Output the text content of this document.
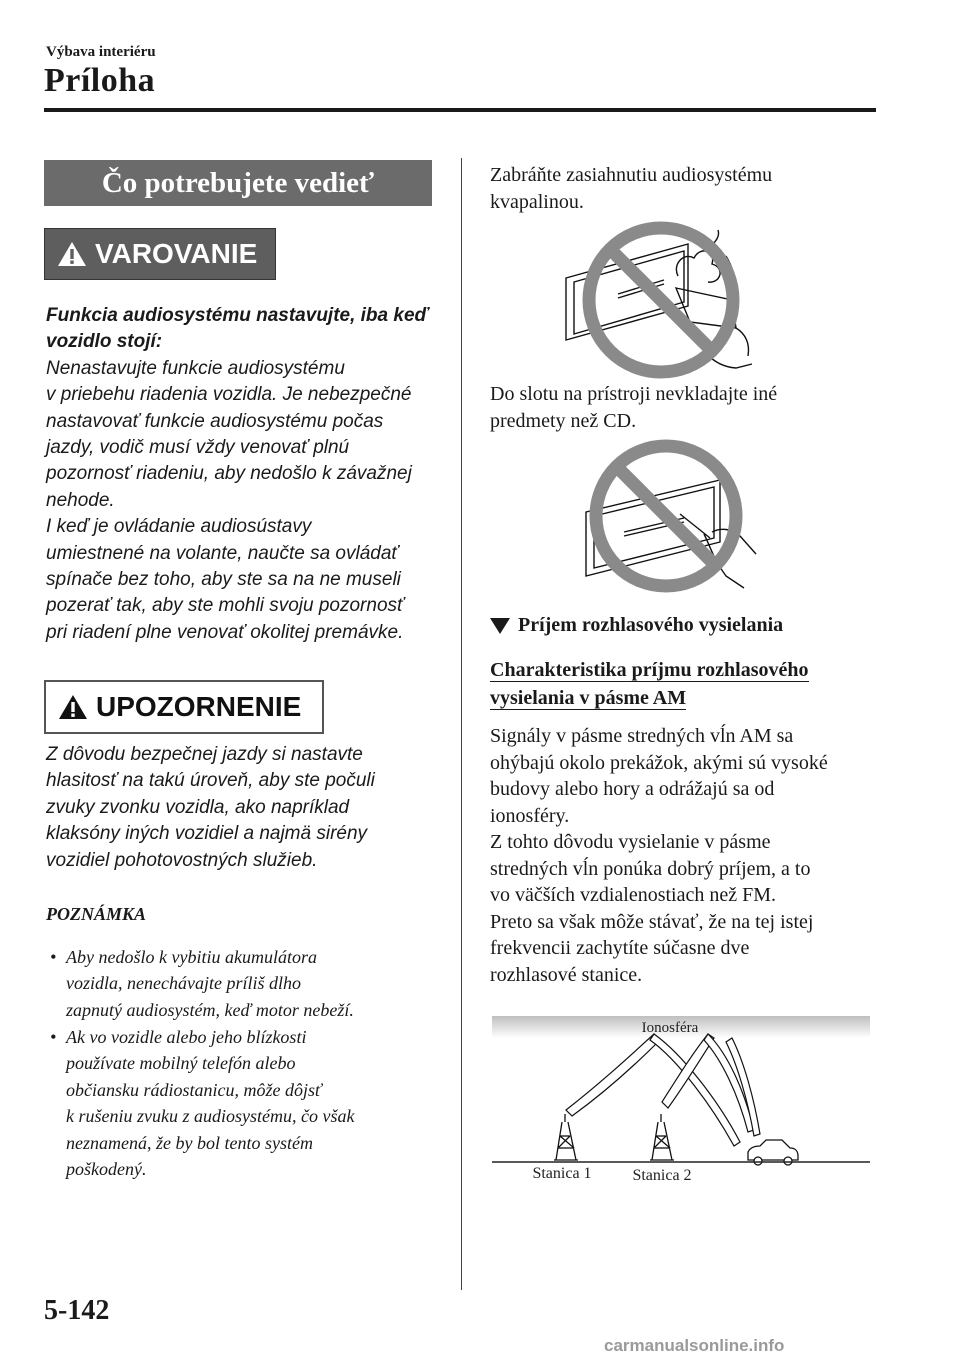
Výbava interiéru
Príloha
Čo potrebujete vedieť
VAROVANIE
Funkcia audiosystému nastavujte, iba keď
vozidlo stojí:
Nenastavujte funkcie audiosystému
v priebehu riadenia vozidla. Je nebezpečné
nastavovať funkcie audiosystému počas
jazdy, vodič musí vždy venovať plnú
pozornosť riadeniu, aby nedošlo k závažnej
nehode.
I keď je ovládanie audiosústavy
umiestnené na volante, naučte sa ovládať
spínače bez toho, aby ste sa na ne museli
pozerať tak, aby ste mohli svoju pozornosť
pri riadení plne venovať okolitej premávke.
UPOZORNENIE
Z dôvodu bezpečnej jazdy si nastavte
hlasitosť na takú úroveň, aby ste počuli
zvuky zvonku vozidla, ako napríklad
klaksóny iných vozidiel a najmä sirény
vozidiel pohotovostných služieb.
POZNÁMKA
• Aby nedošlo k vybitiu akumulátora
vozidla, nenechávajte príliš dlho
zapnutý audiosystém, keď motor nebeží.
• Ak vo vozidle alebo jeho blízkosti
používate mobilný telefón alebo
občiansku rádiostanicu, môže dôjsť
k rušeniu zvuku z audiosystému, čo však
neznamená, že by bol tento systém
poškodený.
Zabráňte zasiahnutiu audiosystému
kvapalinou.
Do slotu na prístroji nevkladajte iné
predmety než CD.
Príjem rozhlasového vysielania
Charakteristika príjmu rozhlasového
vysielania v pásme AM
Signály v pásme stredných vĺn AM sa
ohýbajú okolo prekážok, akými sú vysoké
budovy alebo hory a odrážajú sa od
ionosféry.
Z tohto dôvodu vysielanie v pásme
stredných vĺn ponúka dobrý príjem, a to
vo väčších vzdialenostiach než FM.
Preto sa však môže stávať, že na tej istej
frekvencii zachytíte súčasne dve
rozhlasové stanice.
Ionosféra
Stanica 1	Stanica 2
5-142
carmanualsonline.info
